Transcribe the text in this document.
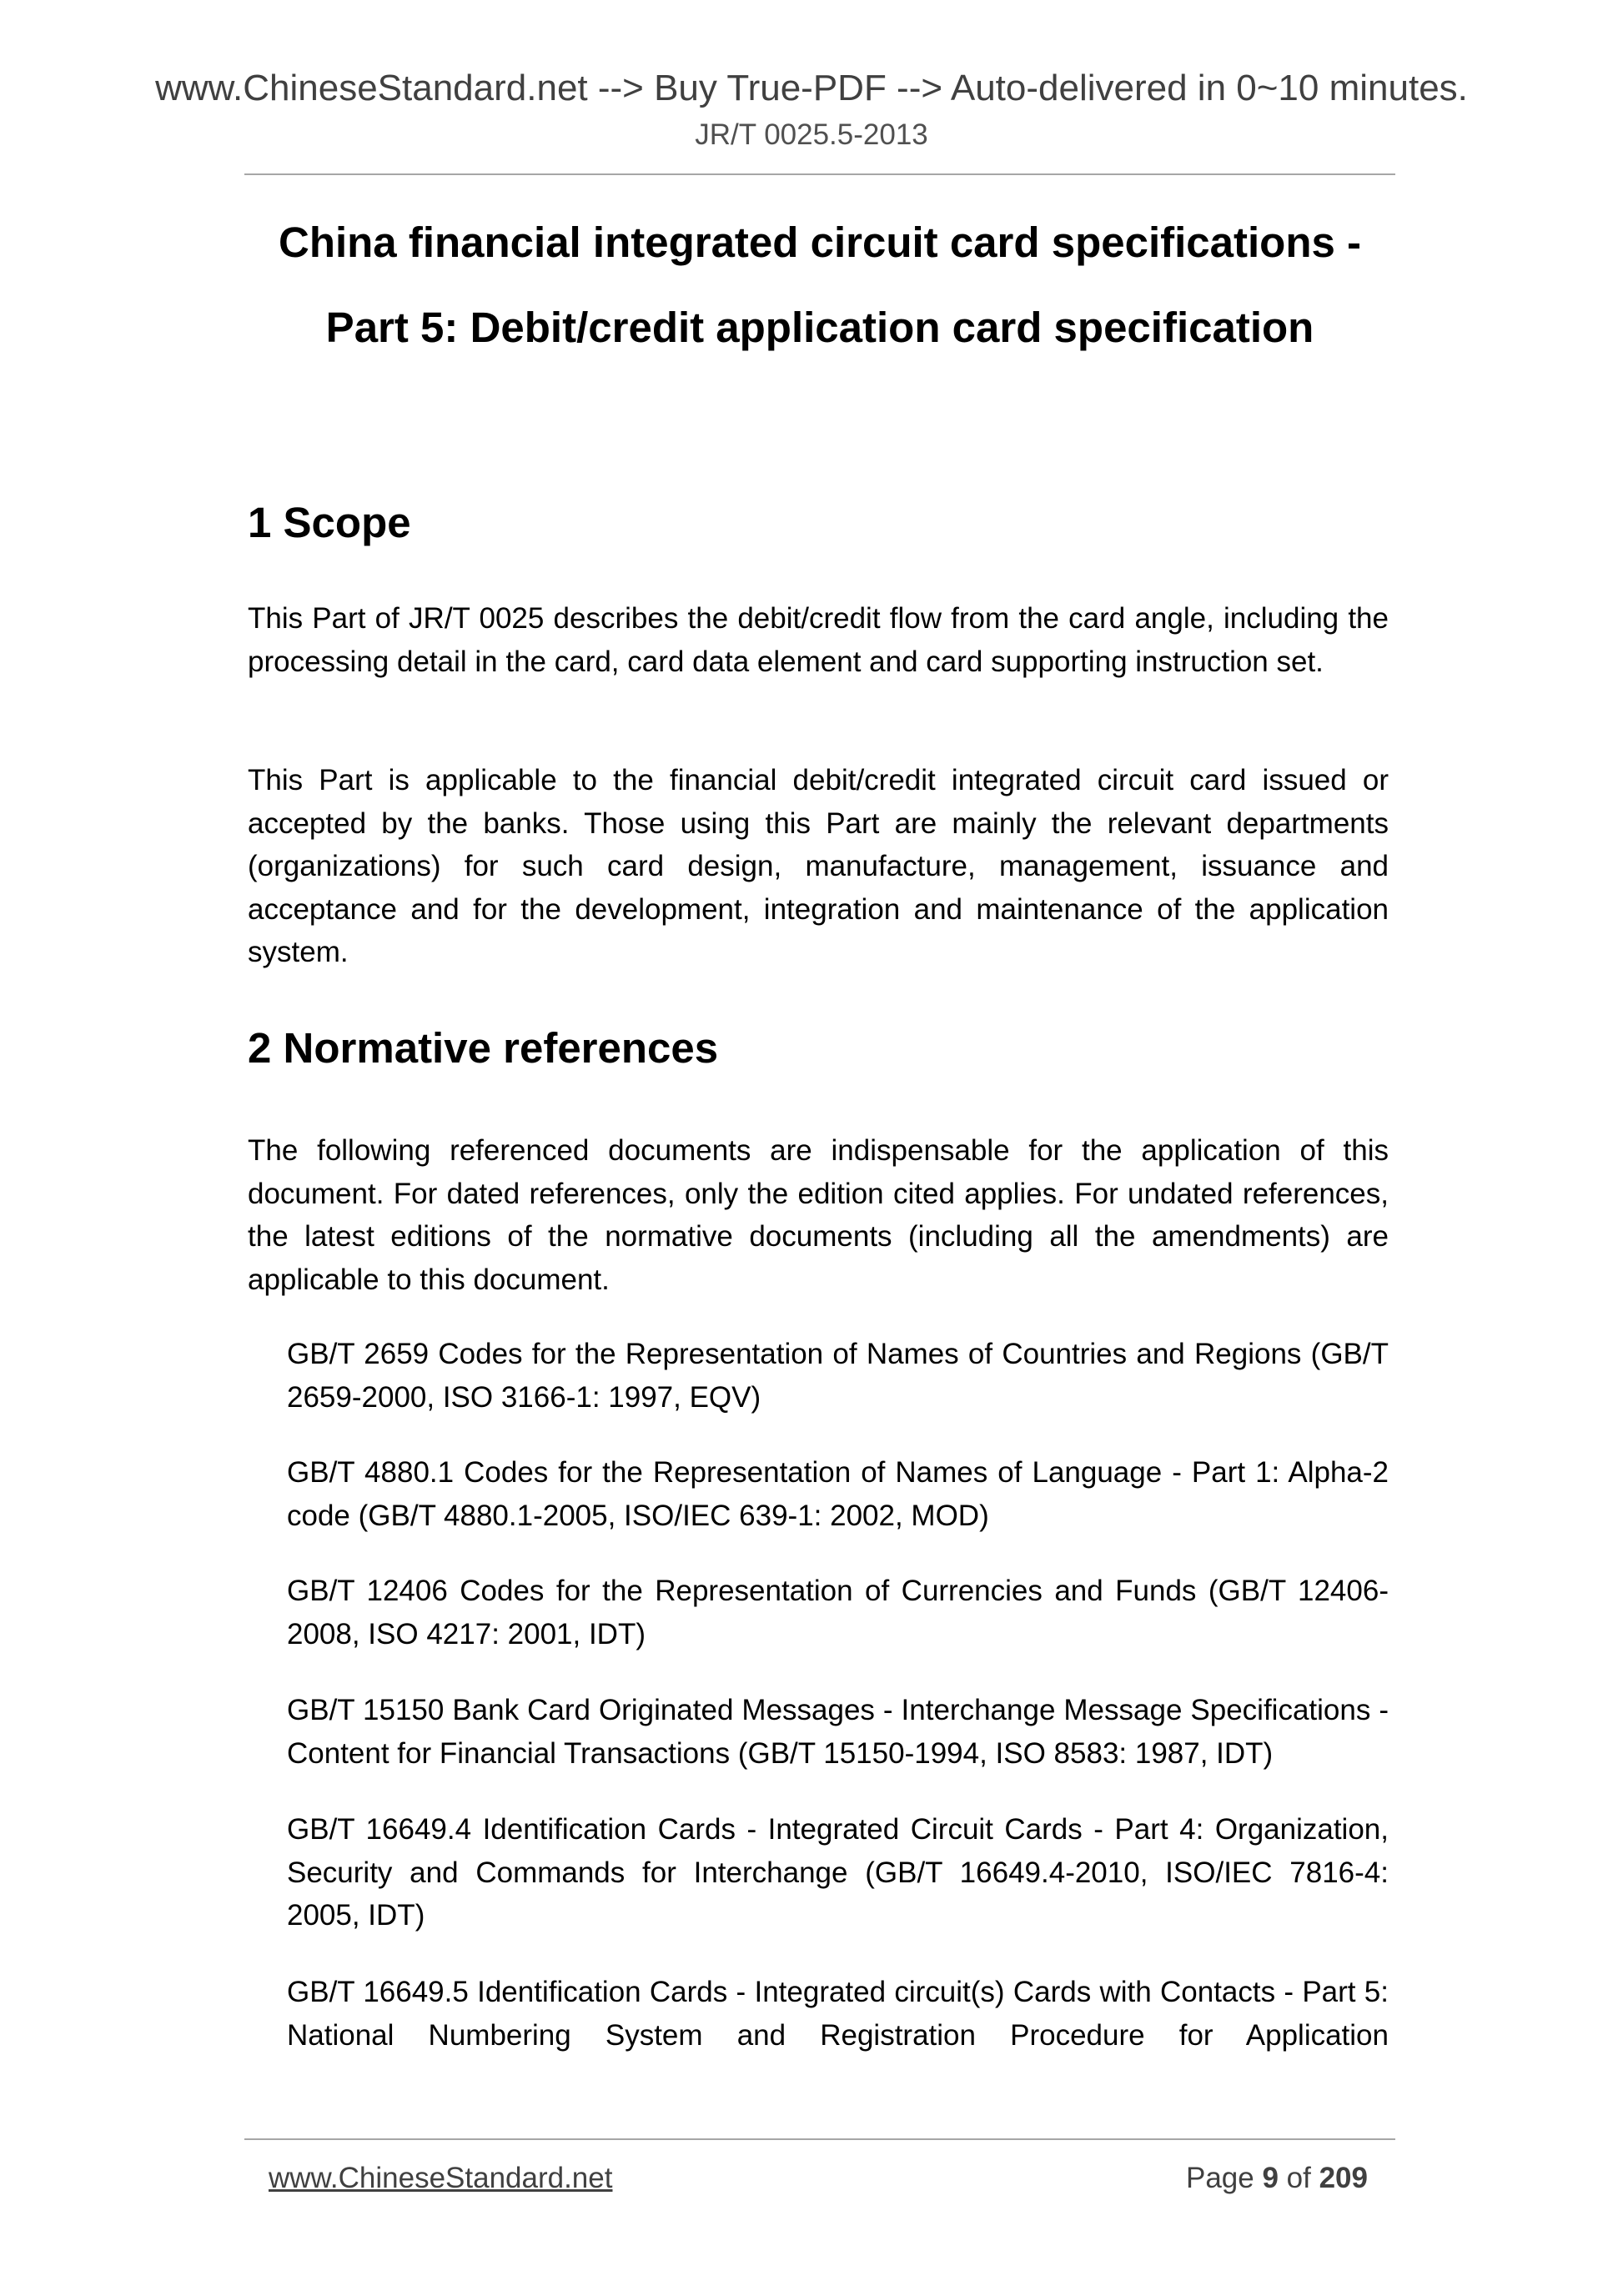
www.ChineseStandard.net --> Buy True-PDF --> Auto-delivered in 0~10 minutes.
JR/T 0025.5-2013
China financial integrated circuit card specifications -
Part 5: Debit/credit application card specification
1 Scope
This Part of JR/T 0025 describes the debit/credit flow from the card angle, including the processing detail in the card, card data element and card supporting instruction set.
This Part is applicable to the financial debit/credit integrated circuit card issued or accepted by the banks. Those using this Part are mainly the relevant departments (organizations) for such card design, manufacture, management, issuance and acceptance and for the development, integration and maintenance of the application system.
2 Normative references
The following referenced documents are indispensable for the application of this document. For dated references, only the edition cited applies. For undated references, the latest editions of the normative documents (including all the amendments) are applicable to this document.
GB/T 2659 Codes for the Representation of Names of Countries and Regions (GB/T 2659-2000, ISO 3166-1: 1997, EQV)
GB/T 4880.1 Codes for the Representation of Names of Language - Part 1: Alpha-2 code (GB/T 4880.1-2005, ISO/IEC 639-1: 2002, MOD)
GB/T 12406 Codes for the Representation of Currencies and Funds (GB/T 12406-2008, ISO 4217: 2001, IDT)
GB/T 15150 Bank Card Originated Messages - Interchange Message Specifications - Content for Financial Transactions (GB/T 15150-1994, ISO 8583: 1987, IDT)
GB/T 16649.4 Identification Cards - Integrated Circuit Cards - Part 4: Organization, Security and Commands for Interchange (GB/T 16649.4-2010, ISO/IEC 7816-4: 2005, IDT)
GB/T 16649.5 Identification Cards - Integrated circuit(s) Cards with Contacts - Part 5: National Numbering System and Registration Procedure for Application
www.ChineseStandard.net	Page 9 of 209
